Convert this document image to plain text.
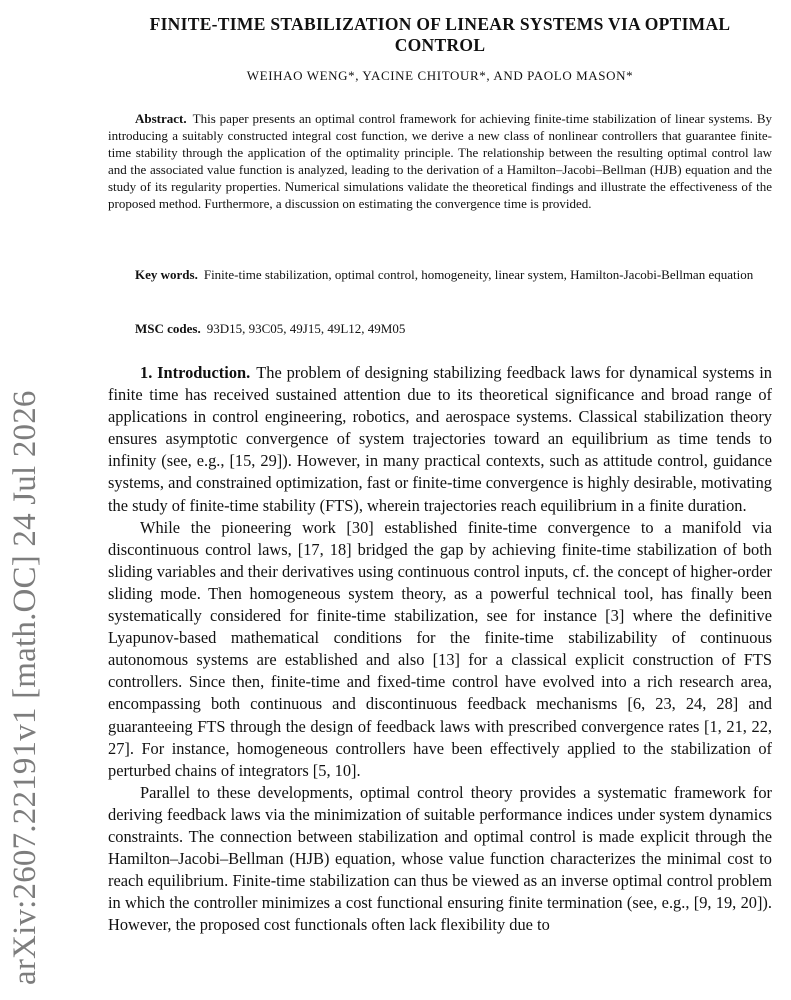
arXiv:2607.22191v1 [math.OC] 24 Jul 2026
FINITE-TIME STABILIZATION OF LINEAR SYSTEMS VIA OPTIMAL CONTROL
WEIHAO WENG*, YACINE CHITOUR*, AND PAOLO MASON*
Abstract. This paper presents an optimal control framework for achieving finite-time stabilization of linear systems. By introducing a suitably constructed integral cost function, we derive a new class of nonlinear controllers that guarantee finite-time stability through the application of the optimality principle. The relationship between the resulting optimal control law and the associated value function is analyzed, leading to the derivation of a Hamilton–Jacobi–Bellman (HJB) equation and the study of its regularity properties. Numerical simulations validate the theoretical findings and illustrate the effectiveness of the proposed method. Furthermore, a discussion on estimating the convergence time is provided.
Key words. Finite-time stabilization, optimal control, homogeneity, linear system, Hamilton-Jacobi-Bellman equation
MSC codes. 93D15, 93C05, 49J15, 49L12, 49M05

1. Introduction. The problem of designing stabilizing feedback laws for dynamical systems in finite time has received sustained attention due to its theoretical significance and broad range of applications in control engineering, robotics, and aerospace systems. Classical stabilization theory ensures asymptotic convergence of system trajectories toward an equilibrium as time tends to infinity (see, e.g., [15, 29]). However, in many practical contexts, such as attitude control, guidance systems, and constrained optimization, fast or finite-time convergence is highly desirable, motivating the study of finite-time stability (FTS), wherein trajectories reach equilibrium in a finite duration.

While the pioneering work [30] established finite-time convergence to a manifold via discontinuous control laws, [17, 18] bridged the gap by achieving finite-time stabilization of both sliding variables and their derivatives using continuous control inputs, cf. the concept of higher-order sliding mode. Then homogeneous system theory, as a powerful technical tool, has finally been systematically considered for finite-time stabilization, see for instance [3] where the definitive Lyapunov-based mathematical conditions for the finite-time stabilizability of continuous autonomous systems are established and also [13] for a classical explicit construction of FTS controllers. Since then, finite-time and fixed-time control have evolved into a rich research area, encompassing both continuous and discontinuous feedback mechanisms [6, 23, 24, 28] and guaranteeing FTS through the design of feedback laws with prescribed convergence rates [1, 21, 22, 27]. For instance, homogeneous controllers have been effectively applied to the stabilization of perturbed chains of integrators [5, 10].

Parallel to these developments, optimal control theory provides a systematic framework for deriving feedback laws via the minimization of suitable performance indices under system dynamics constraints. The connection between stabilization and optimal control is made explicit through the Hamilton–Jacobi–Bellman (HJB) equation, whose value function characterizes the minimal cost to reach equilibrium. Finite-time stabilization can thus be viewed as an inverse optimal control problem in which the controller minimizes a cost functional ensuring finite termination (see, e.g., [9, 19, 20]). However, the proposed cost functionals often lack flexibility due to
